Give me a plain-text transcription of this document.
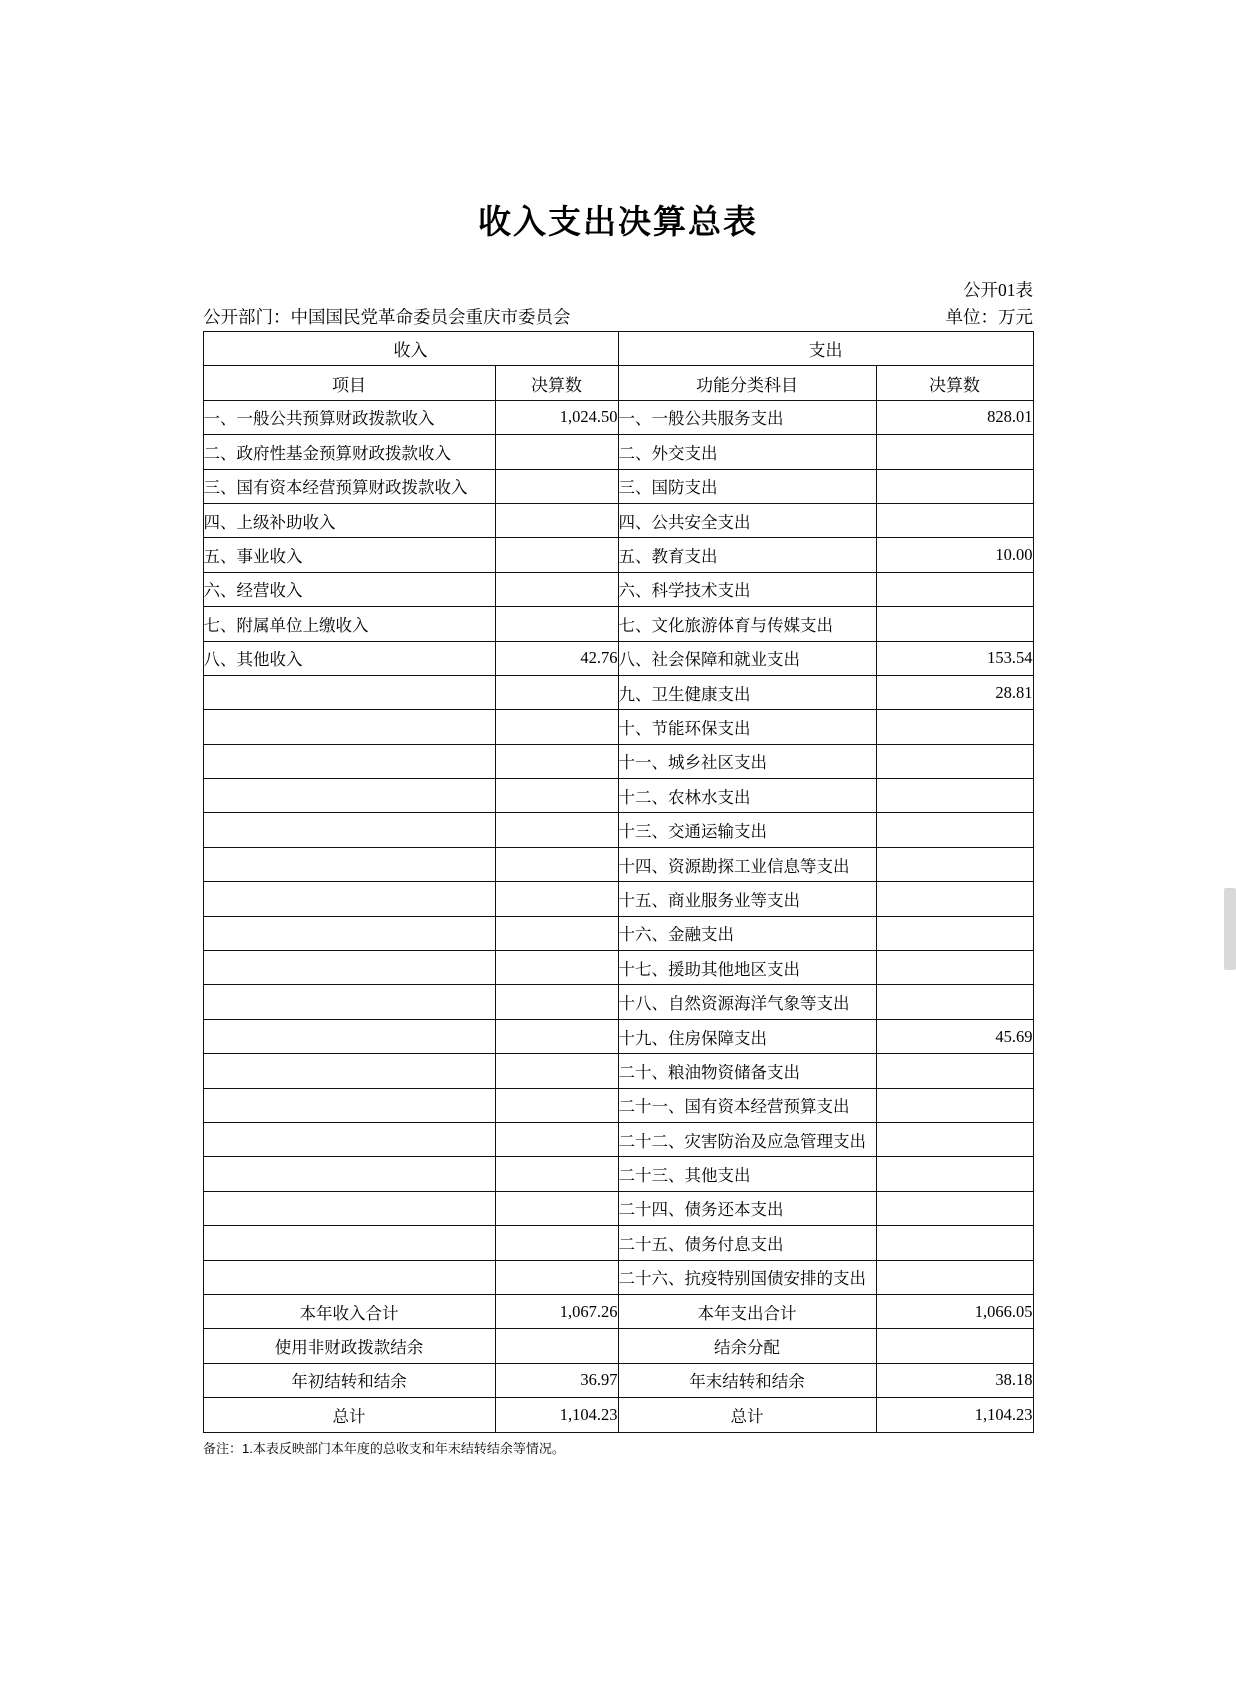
收入支出决算总表
公开部门：中国国民党革命委员会重庆市委员会
公开01表
单位：万元
收入		支出	
项目	决算数	功能分类科目	决算数
一、一般公共预算财政拨款收入	1,024.50	一、一般公共服务支出	828.01
二、政府性基金预算财政拨款收入		二、外交支出	
三、国有资本经营预算财政拨款收入		三、国防支出	
四、上级补助收入		四、公共安全支出	
五、事业收入		五、教育支出	10.00
六、经营收入		六、科学技术支出	
七、附属单位上缴收入		七、文化旅游体育与传媒支出	
八、其他收入	42.76	八、社会保障和就业支出	153.54
		九、卫生健康支出	28.81
		十、节能环保支出	
		十一、城乡社区支出	
		十二、农林水支出	
		十三、交通运输支出	
		十四、资源勘探工业信息等支出	
		十五、商业服务业等支出	
		十六、金融支出	
		十七、援助其他地区支出	
		十八、自然资源海洋气象等支出	
		十九、住房保障支出	45.69
		二十、粮油物资储备支出	
		二十一、国有资本经营预算支出	
		二十二、灾害防治及应急管理支出	
		二十三、其他支出	
		二十四、债务还本支出	
		二十五、债务付息支出	
		二十六、抗疫特别国债安排的支出	
本年收入合计	1,067.26	本年支出合计	1,066.05
使用非财政拨款结余		结余分配	
年初结转和结余	36.97	年末结转和结余	38.18
总计	1,104.23	总计	1,104.23
备注：1.本表反映部门本年度的总收支和年末结转结余等情况。
